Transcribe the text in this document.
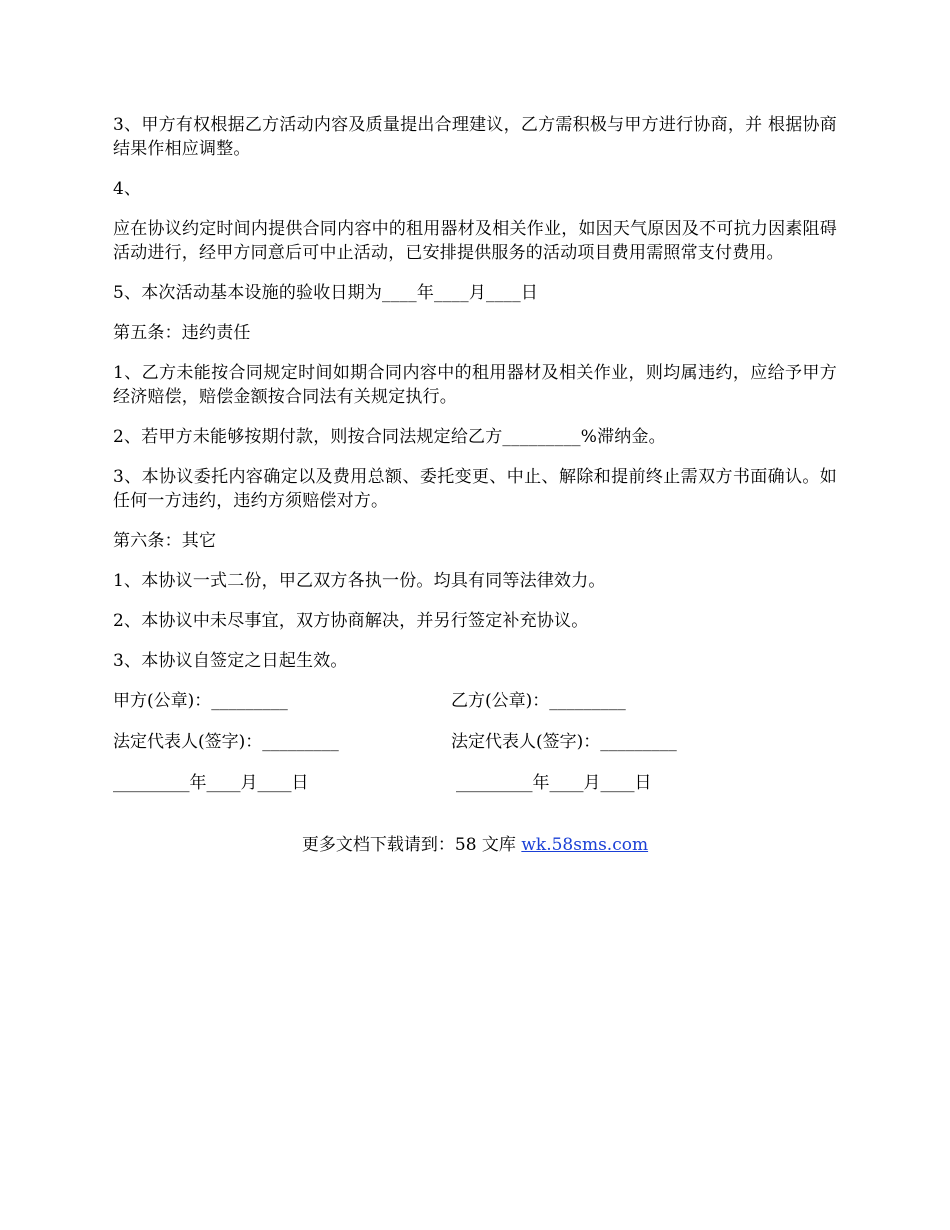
3、甲方有权根据乙方活动内容及质量提出合理建议，乙方需积极与甲方进行协商，并 根据协商结果作相应调整。

4、

应在协议约定时间内提供合同内容中的租用器材及相关作业，如因天气原因及不可抗力因素阻碍活动进行，经甲方同意后可中止活动，已安排提供服务的活动项目费用需照常支付费用。

5、本次活动基本设施的验收日期为____年____月____日

第五条：违约责任

1、乙方未能按合同规定时间如期合同内容中的租用器材及相关作业，则均属违约，应给予甲方经济赔偿，赔偿金额按合同法有关规定执行。

2、若甲方未能够按期付款，则按合同法规定给乙方_________%滞纳金。

3、本协议委托内容确定以及费用总额、委托变更、中止、解除和提前终止需双方书面确认。如任何一方违约，违约方须赔偿对方。

第六条：其它

1、本协议一式二份，甲乙双方各执一份。均具有同等法律效力。

2、本协议中未尽事宜，双方协商解决，并另行签定补充协议。

3、本协议自签定之日起生效。

甲方(公章)：_________	乙方(公章)：_________
法定代表人(签字)：_________	法定代表人(签字)：_________
_________年____月____日	_________年____月____日
更多文档下载请到：58 文库 wk.58sms.com
